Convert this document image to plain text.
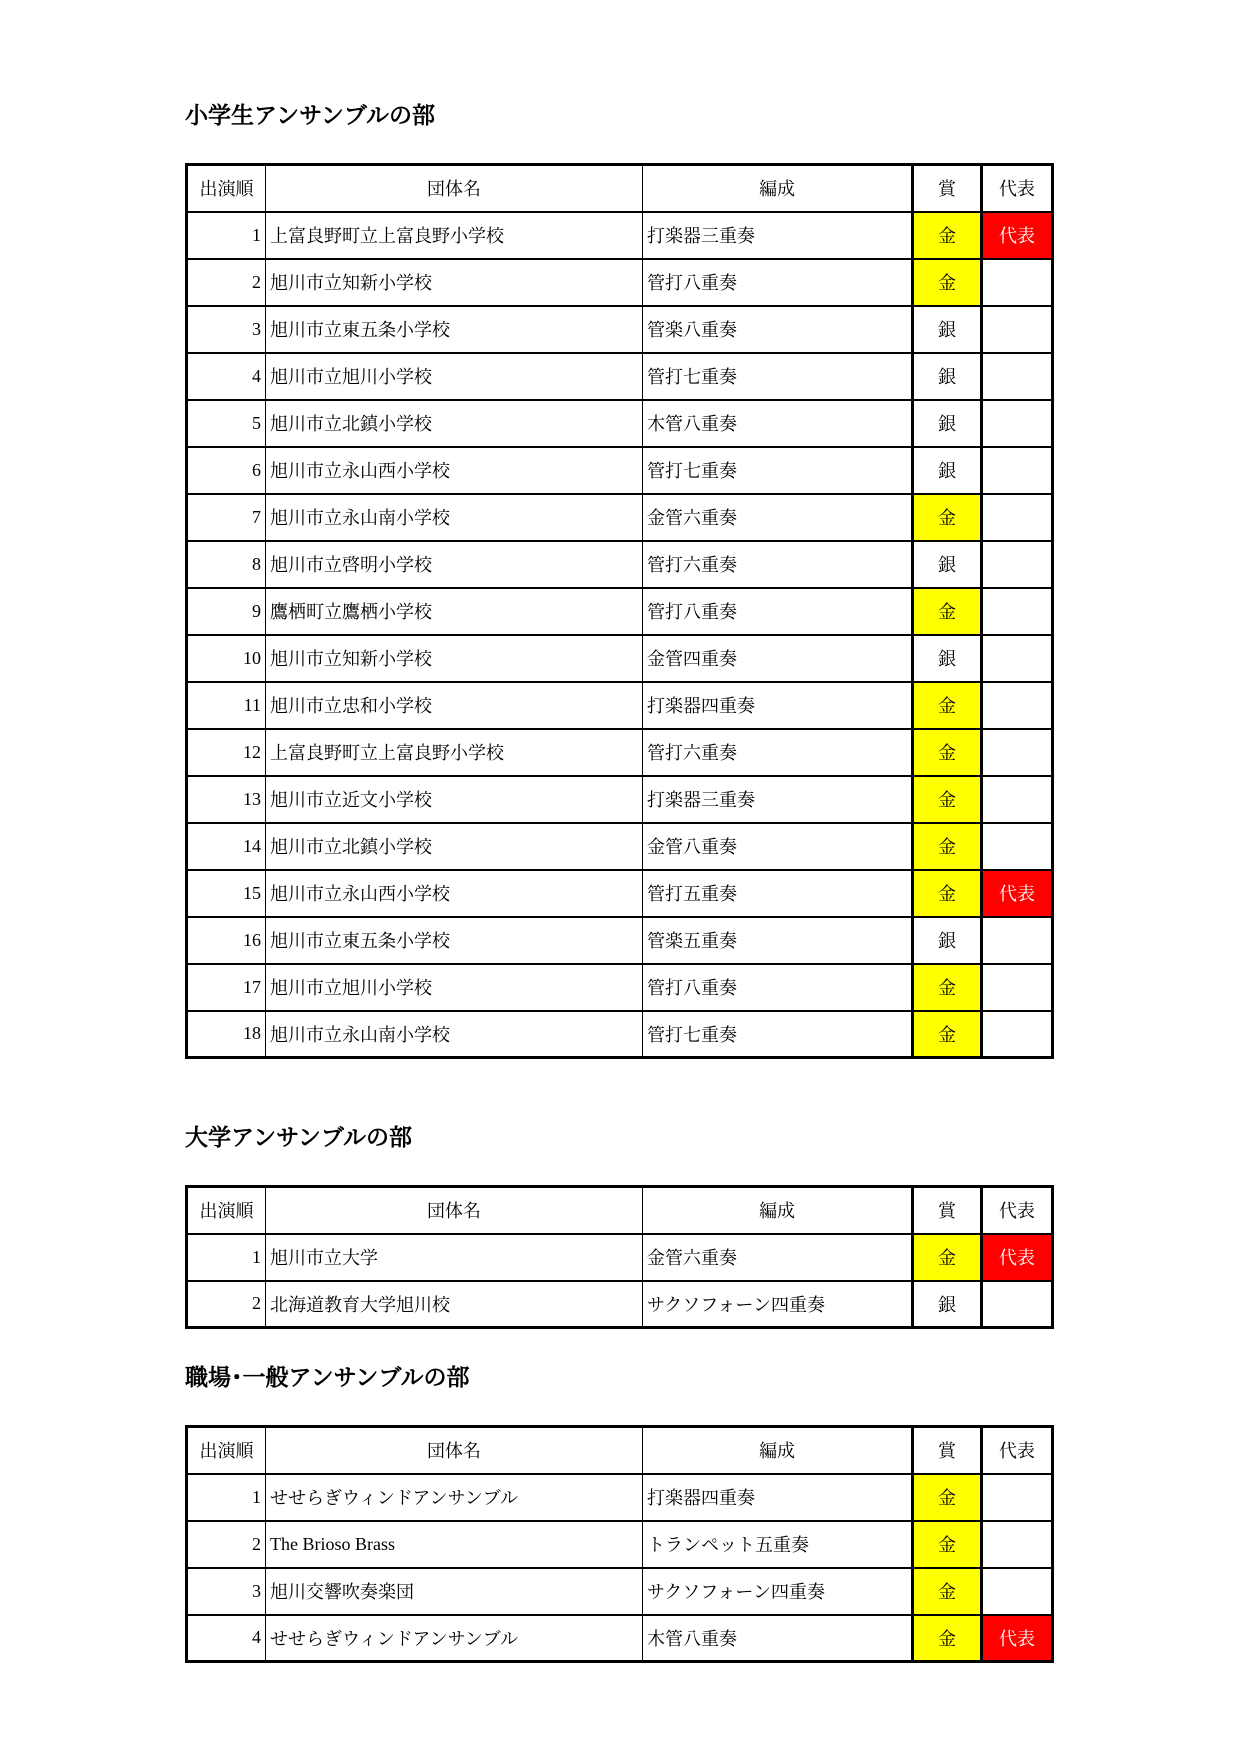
小学生アンサンブルの部
出演順	団体名	編成	賞	代表
1	上富良野町立上富良野小学校	打楽器三重奏	金	代表
2	旭川市立知新小学校	管打八重奏	金	
3	旭川市立東五条小学校	管楽八重奏	銀	
4	旭川市立旭川小学校	管打七重奏	銀	
5	旭川市立北鎮小学校	木管八重奏	銀	
6	旭川市立永山西小学校	管打七重奏	銀	
7	旭川市立永山南小学校	金管六重奏	金	
8	旭川市立啓明小学校	管打六重奏	銀	
9	鷹栖町立鷹栖小学校	管打八重奏	金	
10	旭川市立知新小学校	金管四重奏	銀	
11	旭川市立忠和小学校	打楽器四重奏	金	
12	上富良野町立上富良野小学校	管打六重奏	金	
13	旭川市立近文小学校	打楽器三重奏	金	
14	旭川市立北鎮小学校	金管八重奏	金	
15	旭川市立永山西小学校	管打五重奏	金	代表
16	旭川市立東五条小学校	管楽五重奏	銀	
17	旭川市立旭川小学校	管打八重奏	金	
18	旭川市立永山南小学校	管打七重奏	金	
大学アンサンブルの部
出演順	団体名	編成	賞	代表
1	旭川市立大学	金管六重奏	金	代表
2	北海道教育大学旭川校	サクソフォーン四重奏	銀	
職場･一般アンサンブルの部
出演順	団体名	編成	賞	代表
1	せせらぎウィンドアンサンブル	打楽器四重奏	金	
2	The Brioso Brass	トランペット五重奏	金	
3	旭川交響吹奏楽団	サクソフォーン四重奏	金	
4	せせらぎウィンドアンサンブル	木管八重奏	金	代表
